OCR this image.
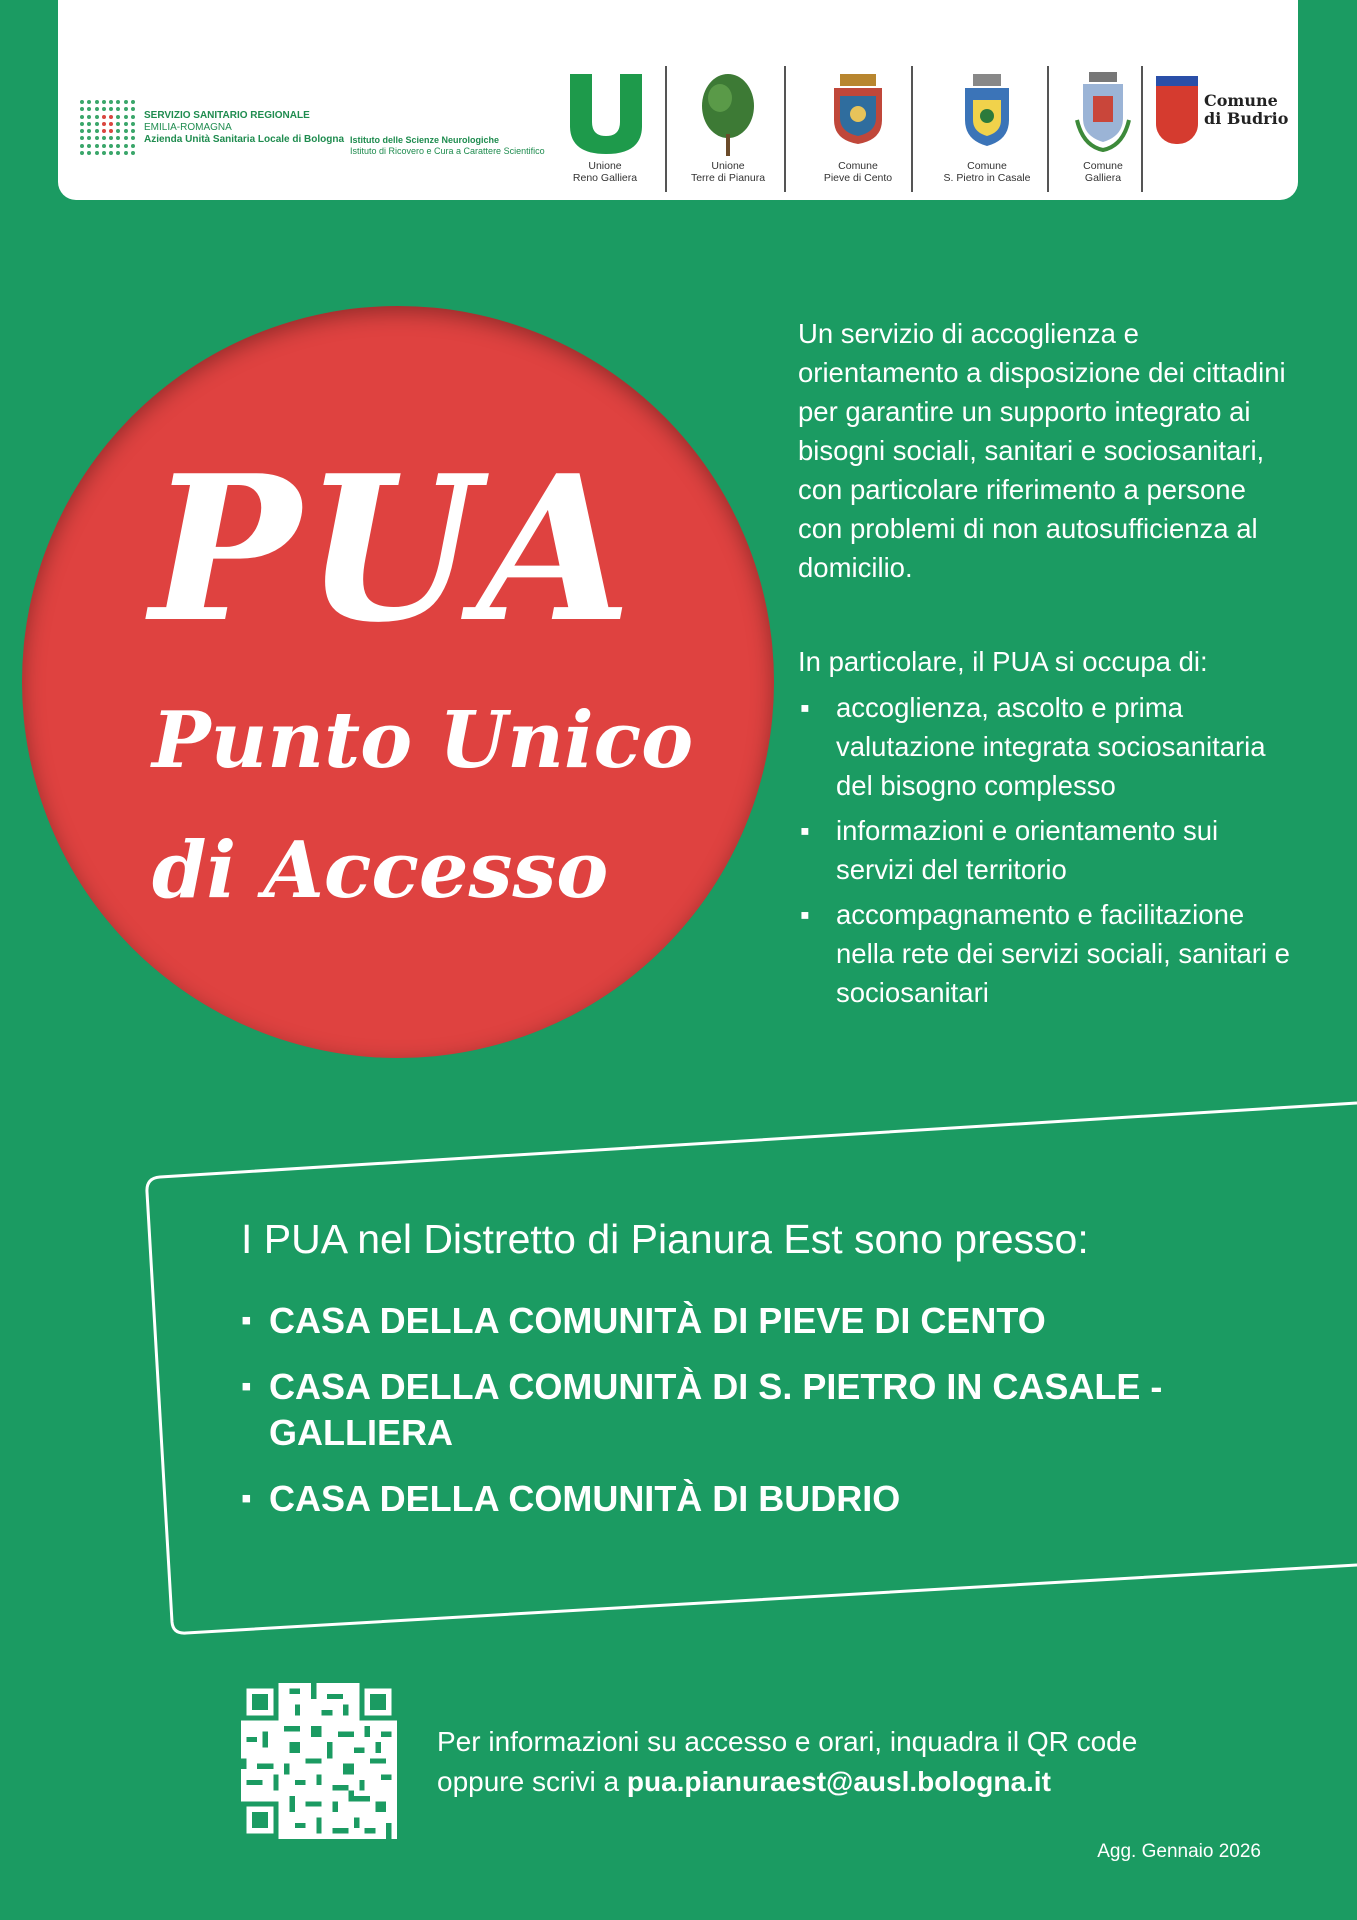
SERVIZIO SANITARIO REGIONALE
EMILIA-ROMAGNA
Azienda Unità Sanitaria Locale di Bologna Istituto delle Scienze Neurologiche
Istituto di Ricovero e Cura a Carattere Scientifico
Unione
Reno Galliera
Unione
Terre di Pianura
Comune
Pieve di Cento
Comune
S. Pietro in Casale
Comune
Galliera
Comune
di Budrio
PUA
Punto Unico
di Accesso
Un servizio di accoglienza e orientamento a disposizione dei cittadini per garantire un supporto integrato ai bisogni sociali, sanitari e sociosanitari, con particolare riferimento a persone con problemi di non autosufficienza al domicilio.
In particolare, il PUA si occupa di:
▪ accoglienza, ascolto e prima valutazione integrata sociosanitaria del bisogno complesso
▪ informazioni e orientamento sui servizi del territorio
▪ accompagnamento e facilitazione nella rete dei servizi sociali, sanitari e sociosanitari
I PUA nel Distretto di Pianura Est sono presso:
▪ CASA DELLA COMUNITÀ DI PIEVE DI CENTO
▪ CASA DELLA COMUNITÀ DI S. PIETRO IN CASALE - GALLIERA
▪ CASA DELLA COMUNITÀ DI BUDRIO
Per informazioni su accesso e orari, inquadra il QR code
oppure scrivi a pua.pianuraest@ausl.bologna.it
Agg. Gennaio 2026
